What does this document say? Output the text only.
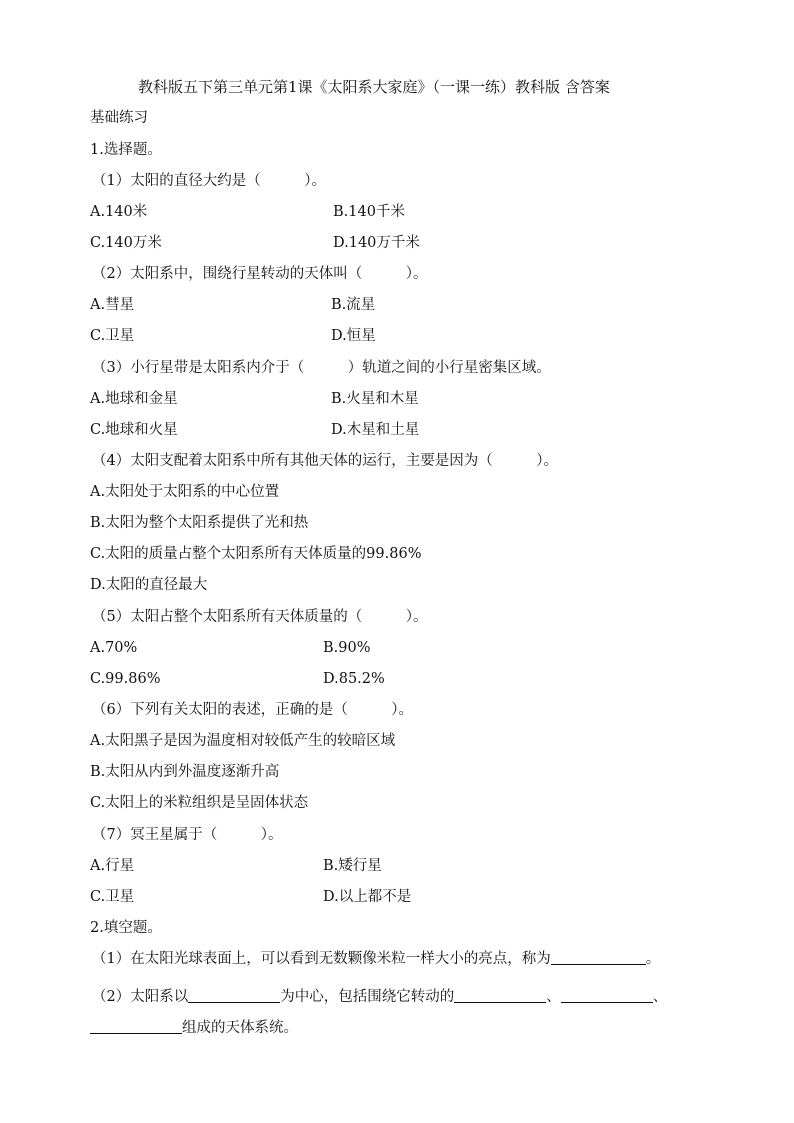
教科版五下第三单元第1课《太阳系大家庭》（一课一练）教科版 含答案
基础练习
1.选择题。
（1）太阳的直径大约是（　　　）。
A.140米	B.140千米
C.140万米	D.140万千米
（2）太阳系中，围绕行星转动的天体叫（　　　）。
A.彗星	B.流星
C.卫星	D.恒星
（3）小行星带是太阳系内介于（　　　）轨道之间的小行星密集区域。
A.地球和金星	B.火星和木星
C.地球和火星	D.木星和土星
（4）太阳支配着太阳系中所有其他天体的运行，主要是因为（　　　）。
A.太阳处于太阳系的中心位置
B.太阳为整个太阳系提供了光和热
C.太阳的质量占整个太阳系所有天体质量的99.86%
D.太阳的直径最大
（5）太阳占整个太阳系所有天体质量的（　　　）。
A.70%	B.90%
C.99.86%	D.85.2%
（6）下列有关太阳的表述，正确的是（　　　）。
A.太阳黑子是因为温度相对较低产生的较暗区域
B.太阳从内到外温度逐渐升高
C.太阳上的米粒组织是呈固体状态
（7）冥王星属于（　　　）。
A.行星	B.矮行星
C.卫星	D.以上都不是
2.填空题。
（1）在太阳光球表面上，可以看到无数颗像米粒一样大小的亮点，称为	。
（2）太阳系以	为中心，包括围绕它转动的	、	、
组成的天体系统。
